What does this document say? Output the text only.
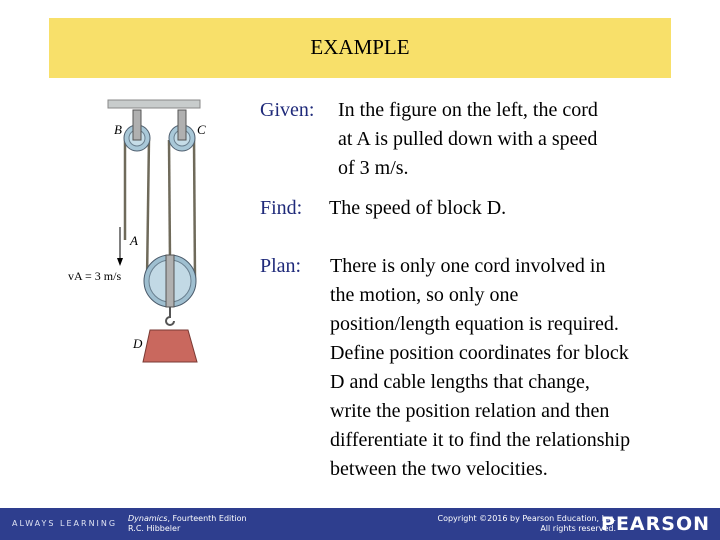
EXAMPLE
B	C
A
D
vA = 3 m/s
Given: In the figure on the left, the cord
at A is pulled down with a speed
of 3 m/s.
Find: The speed of block D.
Plan: There is only one cord involved in
the motion, so only one
position/length equation is required.
Define position coordinates for block
D and cable lengths that change,
write the position relation and then
differentiate it to find the relationship
between the two velocities.
ALWAYS LEARNING
Dynamics, Fourteenth Edition
R.C. Hibbeler
Copyright ©2016 by Pearson Education, Inc.
All rights reserved.
PEARSON
